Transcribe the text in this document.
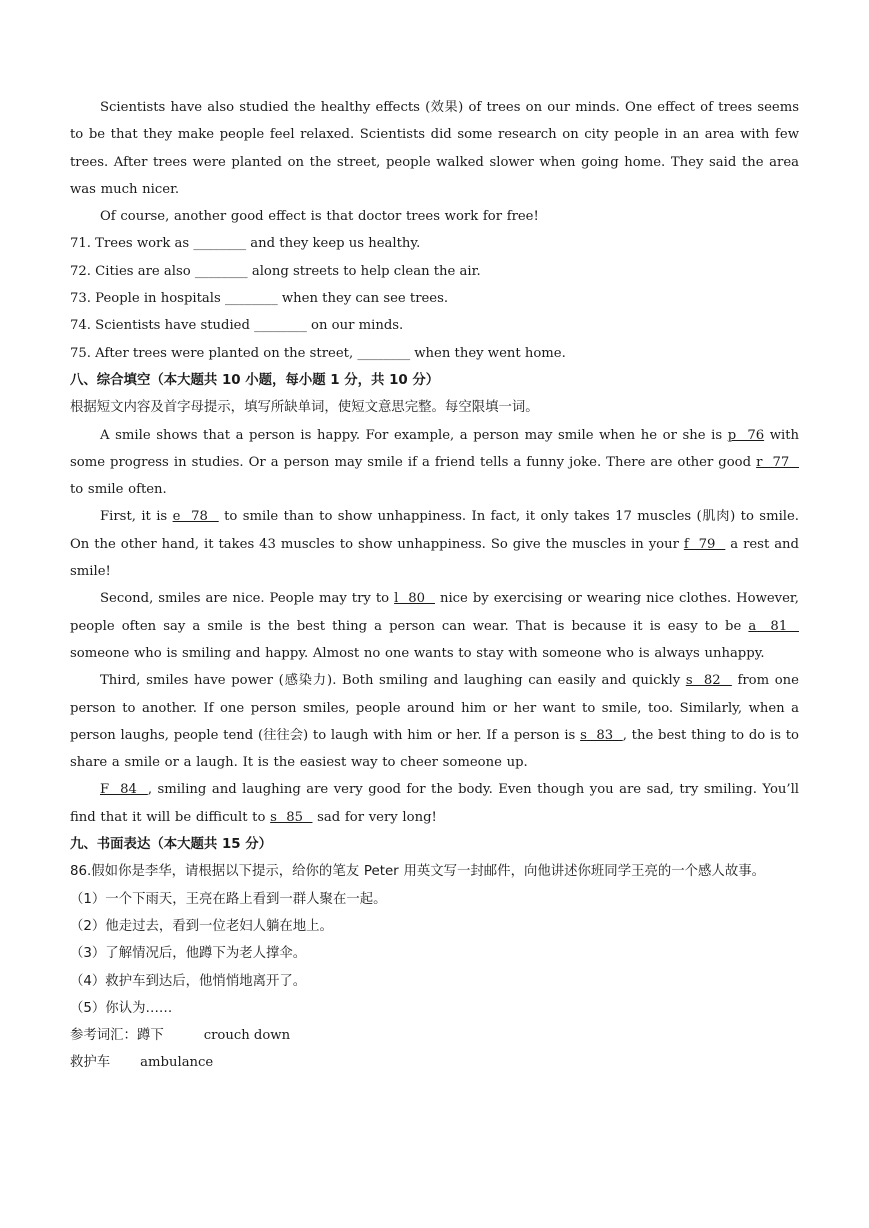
Scientists have also studied the healthy effects (效果) of trees on our minds. One effect of trees seems to be that they make people feel relaxed. Scientists did some research on city people in an area with few trees. After trees were planted on the street, people walked slower when going home. They said the area was much nicer.

Of course, another good effect is that doctor trees work for free!

71. Trees work as ________ and they keep us healthy.

72. Cities are also ________ along streets to help clean the air.

73. People in hospitals ________ when they can see trees.

74. Scientists have studied ________ on our minds.

75. After trees were planted on the street, ________ when they went home.

八、综合填空（本大题共 10 小题，每小题 1 分，共 10 分）

根据短文内容及首字母提示，填写所缺单词，使短文意思完整。每空限填一词。

A smile shows that a person is happy. For example, a person may smile when he or she is p  76 with some progress in studies. Or a person may smile if a friend tells a funny joke. There are other good r  77   to smile often.

First, it is e  78   to smile than to show unhappiness. In fact, it only takes 17 muscles (肌肉) to smile. On the other hand, it takes 43 muscles to show unhappiness. So give the muscles in your f  79   a rest and smile!

Second, smiles are nice. People may try to l  80   nice by exercising or wearing nice clothes. However, people often say a smile is the best thing a person can wear. That is because it is easy to be a  81   someone who is smiling and happy. Almost no one wants to stay with someone who is always unhappy.

Third, smiles have power (感染力). Both smiling and laughing can easily and quickly s  82   from one person to another. If one person smiles, people around him or her want to smile, too. Similarly, when a person laughs, people tend (往往会) to laugh with him or her. If a person is s  83  , the best thing to do is to share a smile or a laugh. It is the easiest way to cheer someone up.

F  84  , smiling and laughing are very good for the body. Even though you are sad, try smiling. You’ll find that it will be difficult to s  85   sad for very long!

九、书面表达（本大题共 15 分）

86.假如你是李华，请根据以下提示，给你的笔友 Peter 用英文写一封邮件，向他讲述你班同学王亮的一个感人故事。

（1）一个下雨天，王亮在路上看到一群人聚在一起。

（2）他走过去，看到一位老妇人躺在地上。

（3）了解情况后，他蹲下为老人撑伞。

（4）救护车到达后，他悄悄地离开了。

（5）你认为……

参考词汇：蹲下	crouch down

救护车 ambulance
